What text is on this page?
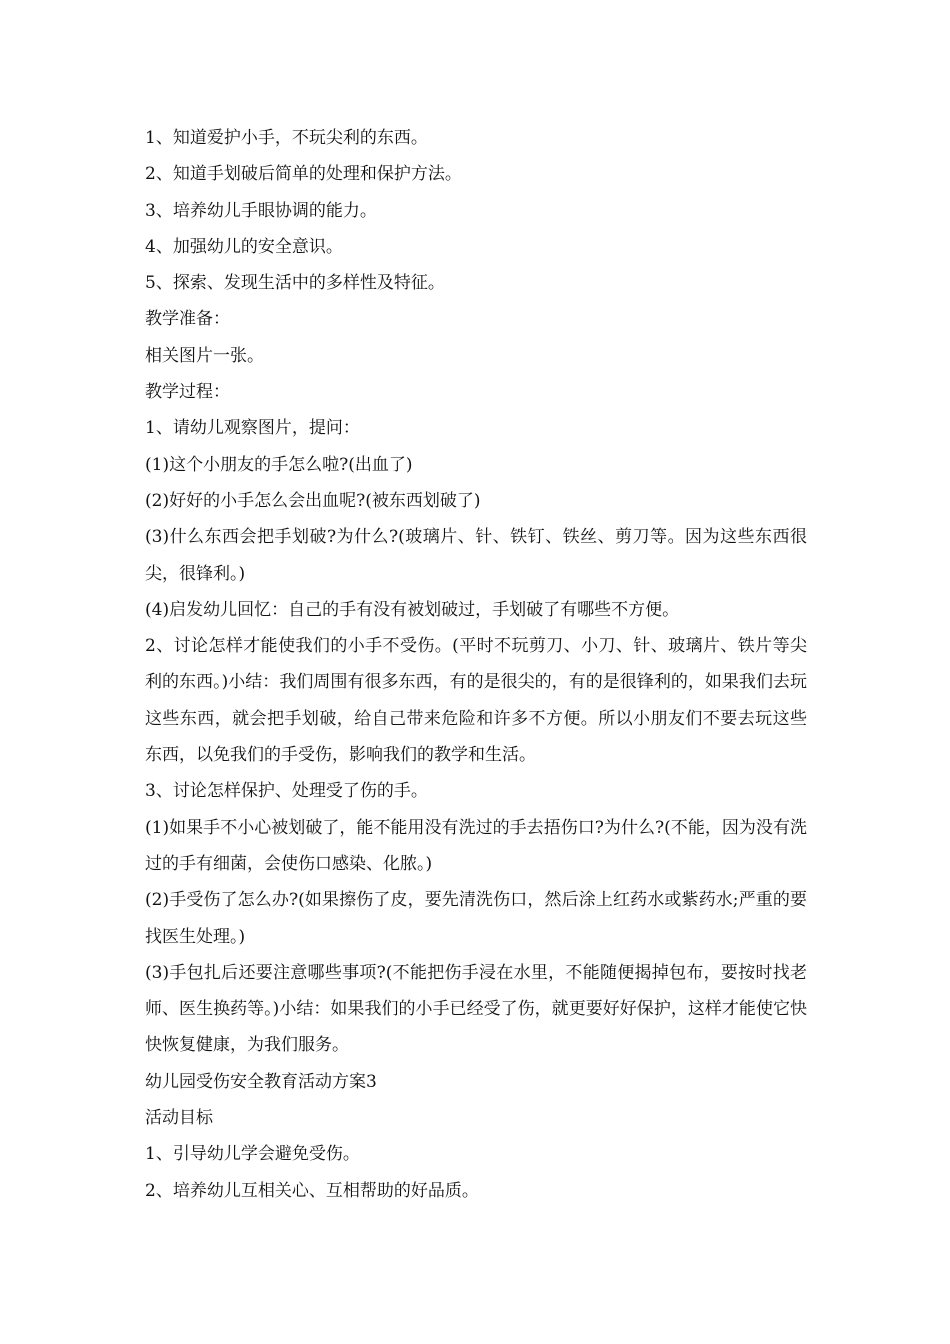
1、知道爱护小手，不玩尖利的东西。

2、知道手划破后简单的处理和保护方法。

3、培养幼儿手眼协调的能力。

4、加强幼儿的安全意识。

5、探索、发现生活中的多样性及特征。

教学准备：

相关图片一张。

教学过程：

1、请幼儿观察图片，提问：

(1)这个小朋友的手怎么啦?(出血了)

(2)好好的小手怎么会出血呢?(被东西划破了)

(3)什么东西会把手划破?为什么?(玻璃片、针、铁钉、铁丝、剪刀等。因为这些东西很尖，很锋利。)

(4)启发幼儿回忆：自己的手有没有被划破过，手划破了有哪些不方便。

2、讨论怎样才能使我们的小手不受伤。(平时不玩剪刀、小刀、针、玻璃片、铁片等尖利的东西。)小结：我们周围有很多东西，有的是很尖的，有的是很锋利的，如果我们去玩这些东西，就会把手划破，给自己带来危险和许多不方便。所以小朋友们不要去玩这些东西，以免我们的手受伤，影响我们的教学和生活。

3、讨论怎样保护、处理受了伤的手。

(1)如果手不小心被划破了，能不能用没有洗过的手去捂伤口?为什么?(不能，因为没有洗过的手有细菌，会使伤口感染、化脓。)

(2)手受伤了怎么办?(如果擦伤了皮，要先清洗伤口，然后涂上红药水或紫药水;严重的要找医生处理。)

(3)手包扎后还要注意哪些事项?(不能把伤手浸在水里，不能随便揭掉包布，要按时找老师、医生换药等。)小结：如果我们的小手已经受了伤，就更要好好保护，这样才能使它快快恢复健康，为我们服务。

幼儿园受伤安全教育活动方案3

活动目标

1、引导幼儿学会避免受伤。

2、培养幼儿互相关心、互相帮助的好品质。
